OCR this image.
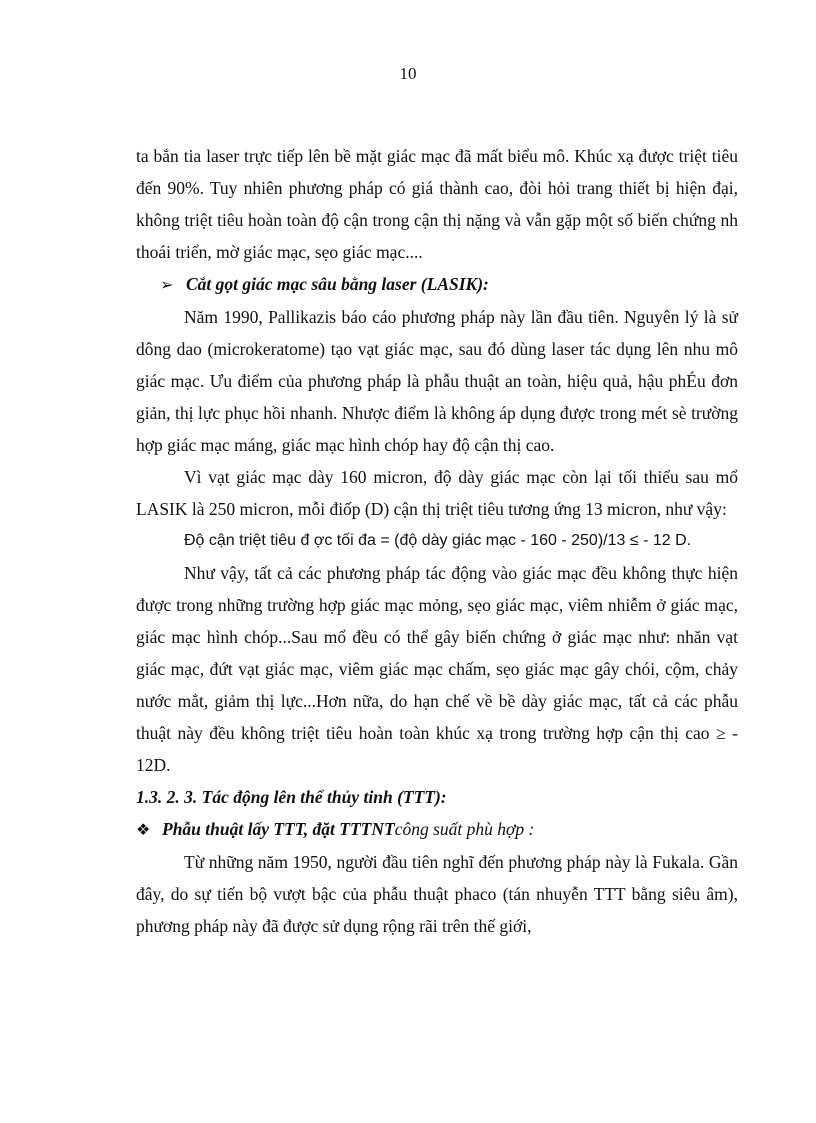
10

ta bắn tia laser trực tiếp lên bề mặt giác mạc đã mất biểu mô. Khúc xạ được triệt tiêu đến 90%. Tuy nhiên phương pháp có giá thành cao, đòi hỏi trang thiết bị hiện đại, không triệt tiêu hoàn toàn độ cận trong cận thị nặng và vẫn gặp một số biến chứng nh thoái triển, mờ giác mạc, sẹo giác mạc....

➢ Cắt gọt giác mạc sâu bằng laser (LASIK):

Năm 1990, Pallikazis báo cáo phương pháp này lần đầu tiên. Nguyên lý là sử dông dao (microkeratome) tạo vạt giác mạc, sau đó dùng laser tác dụng lên nhu mô giác mạc. Ưu điểm của phương pháp là phẫu thuật an toàn, hiệu quả, hậu phÉu đơn giản, thị lực phục hồi nhanh. Nhược điểm là không áp dụng được trong mét sè trường hợp giác mạc máng, giác mạc hình chóp hay độ cận thị cao.

Vì vạt giác mạc dày 160 micron, độ dày giác mạc còn lại tối thiểu sau mổ LASIK là 250 micron, mỗi điốp (D) cận thị triệt tiêu tương ứng 13 micron, như vậy:

Độ cận triệt tiêu đ ợc tối đa = (độ dày giác mạc - 160 - 250)/13 ≤ - 12 D.

Như vậy, tất cả các phương pháp tác động vào giác mạc đều không thực hiện được trong những trường hợp giác mạc mỏng, sẹo giác mạc, viêm nhiễm ở giác mạc, giác mạc hình chóp...Sau mổ đều có thể gây biến chứng ở giác mạc như: nhăn vạt giác mạc, đứt vạt giác mạc, viêm giác mạc chấm, sẹo giác mạc gây chói, cộm, chảy nước mắt, giảm thị lực...Hơn nữa, do hạn chế về bề dày giác mạc, tất cả các phẫu thuật này đều không triệt tiêu hoàn toàn khúc xạ trong trường hợp cận thị cao ≥ - 12D.

1.3. 2. 3. Tác động lên thể thủy tinh (TTT):

❖ Phẫu thuật lấy TTT, đặt TTTNT công suất phù hợp :

Từ những năm 1950, người đầu tiên nghĩ đến phương pháp này là Fukala. Gần đây, do sự tiến bộ vượt bậc của phẫu thuật phaco (tán nhuyễn TTT bằng siêu âm), phương pháp này đã được sử dụng rộng rãi trên thế giới,
